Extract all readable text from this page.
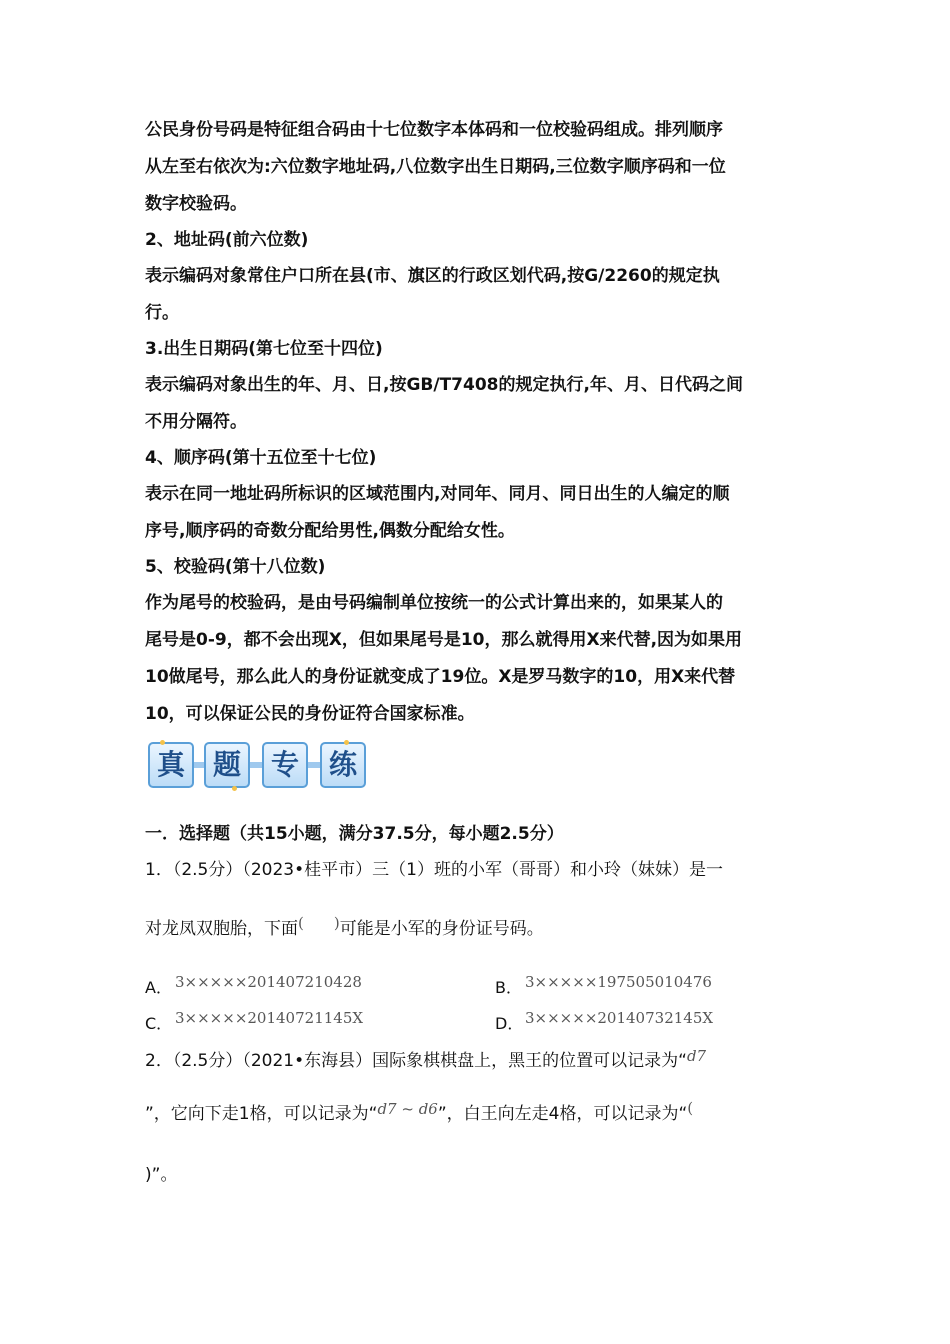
公民身份号码是特征组合码由十七位数字本体码和一位校验码组成。排列顺序
从左至右依次为:六位数字地址码,八位数字出生日期码,三位数字顺序码和一位
数字校验码。
2、地址码(前六位数)
表示编码对象常住户口所在县(市、旗区的行政区划代码,按G/2260的规定执
行。
3.出生日期码(第七位至十四位)
表示编码对象出生的年、月、日,按GB/T7408的规定执行,年、月、日代码之间
不用分隔符。
4、顺序码(第十五位至十七位)
表示在同一地址码所标识的区域范围内,对同年、同月、同日出生的人编定的顺
序号,顺序码的奇数分配给男性,偶数分配给女性。
5、校验码(第十八位数)
作为尾号的校验码，是由号码编制单位按统一的公式计算出来的，如果某人的
尾号是0-9，都不会出现X，但如果尾号是10，那么就得用X来代替,因为如果用
10做尾号，那么此人的身份证就变成了19位。X是罗马数字的10，用X来代替
10，可以保证公民的身份证符合国家标准。
真 题	专	练
一．选择题（共15小题，满分37.5分，每小题2.5分）
1．（2.5分）（2023•桂平市）三（1）班的小军（哥哥）和小玲（妹妹）是一
对龙凤双胞胎，下面(　　)可能是小军的身份证号码。
A． 3×××××201407210428	B． 3×××××197505010476
C． 3×××××20140721145X	D． 3×××××20140732145X
2．（2.5分）（2021•东海县）国际象棋棋盘上，黑王的位置可以记录为“d7
”，它向下走1格，可以记录为“d7 ~ d6”，白王向左走4格，可以记录为“(
)”。
